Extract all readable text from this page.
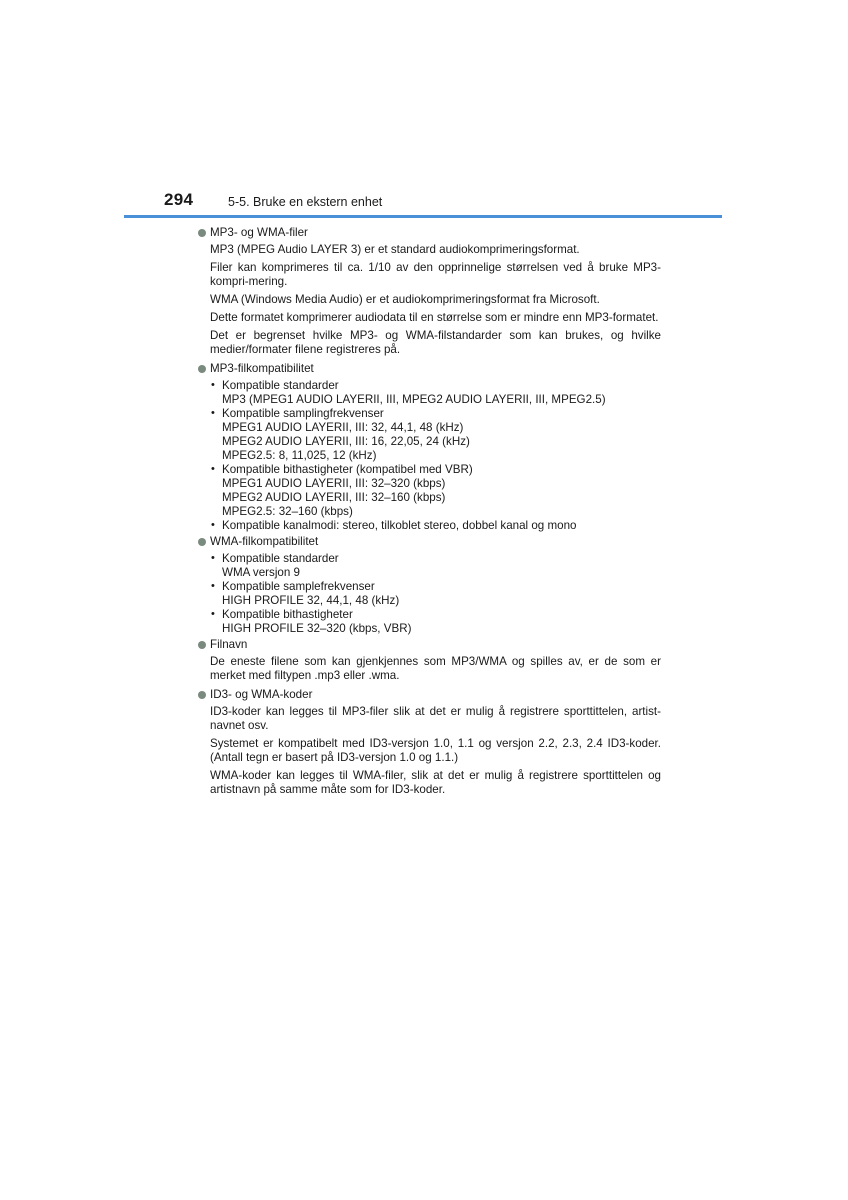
294	5-5. Bruke en ekstern enhet
MP3- og WMA-filer
MP3 (MPEG Audio LAYER 3) er et standard audiokomprimeringsformat.
Filer kan komprimeres til ca. 1/10 av den opprinnelige størrelsen ved å bruke MP3-kompri-mering.
WMA (Windows Media Audio) er et audiokomprimeringsformat fra Microsoft.
Dette formatet komprimerer audiodata til en størrelse som er mindre enn MP3-formatet.
Det er begrenset hvilke MP3- og WMA-filstandarder som kan brukes, og hvilke medier/formater filene registreres på.
MP3-filkompatibilitet
• Kompatible standarder
MP3 (MPEG1 AUDIO LAYERII, III, MPEG2 AUDIO LAYERII, III, MPEG2.5)
• Kompatible samplingfrekvenser
MPEG1 AUDIO LAYERII, III: 32, 44,1, 48 (kHz)
MPEG2 AUDIO LAYERII, III: 16, 22,05, 24 (kHz)
MPEG2.5: 8, 11,025, 12 (kHz)
• Kompatible bithastigheter (kompatibel med VBR)
MPEG1 AUDIO LAYERII, III: 32–320 (kbps)
MPEG2 AUDIO LAYERII, III: 32–160 (kbps)
MPEG2.5: 32–160 (kbps)
• Kompatible kanalmodi: stereo, tilkoblet stereo, dobbel kanal og mono
WMA-filkompatibilitet
• Kompatible standarder
WMA versjon 9
• Kompatible samplefrekvenser
HIGH PROFILE 32, 44,1, 48 (kHz)
• Kompatible bithastigheter
HIGH PROFILE 32–320 (kbps, VBR)
Filnavn
De eneste filene som kan gjenkjennes som MP3/WMA og spilles av, er de som er merket med filtypen .mp3 eller .wma.
ID3- og WMA-koder
ID3-koder kan legges til MP3-filer slik at det er mulig å registrere sporttittelen, artist-navnet osv.
Systemet er kompatibelt med ID3-versjon 1.0, 1.1 og versjon 2.2, 2.3, 2.4 ID3-koder. (Antall tegn er basert på ID3-versjon 1.0 og 1.1.)
WMA-koder kan legges til WMA-filer, slik at det er mulig å registrere sporttittelen og artistnavn på samme måte som for ID3-koder.
